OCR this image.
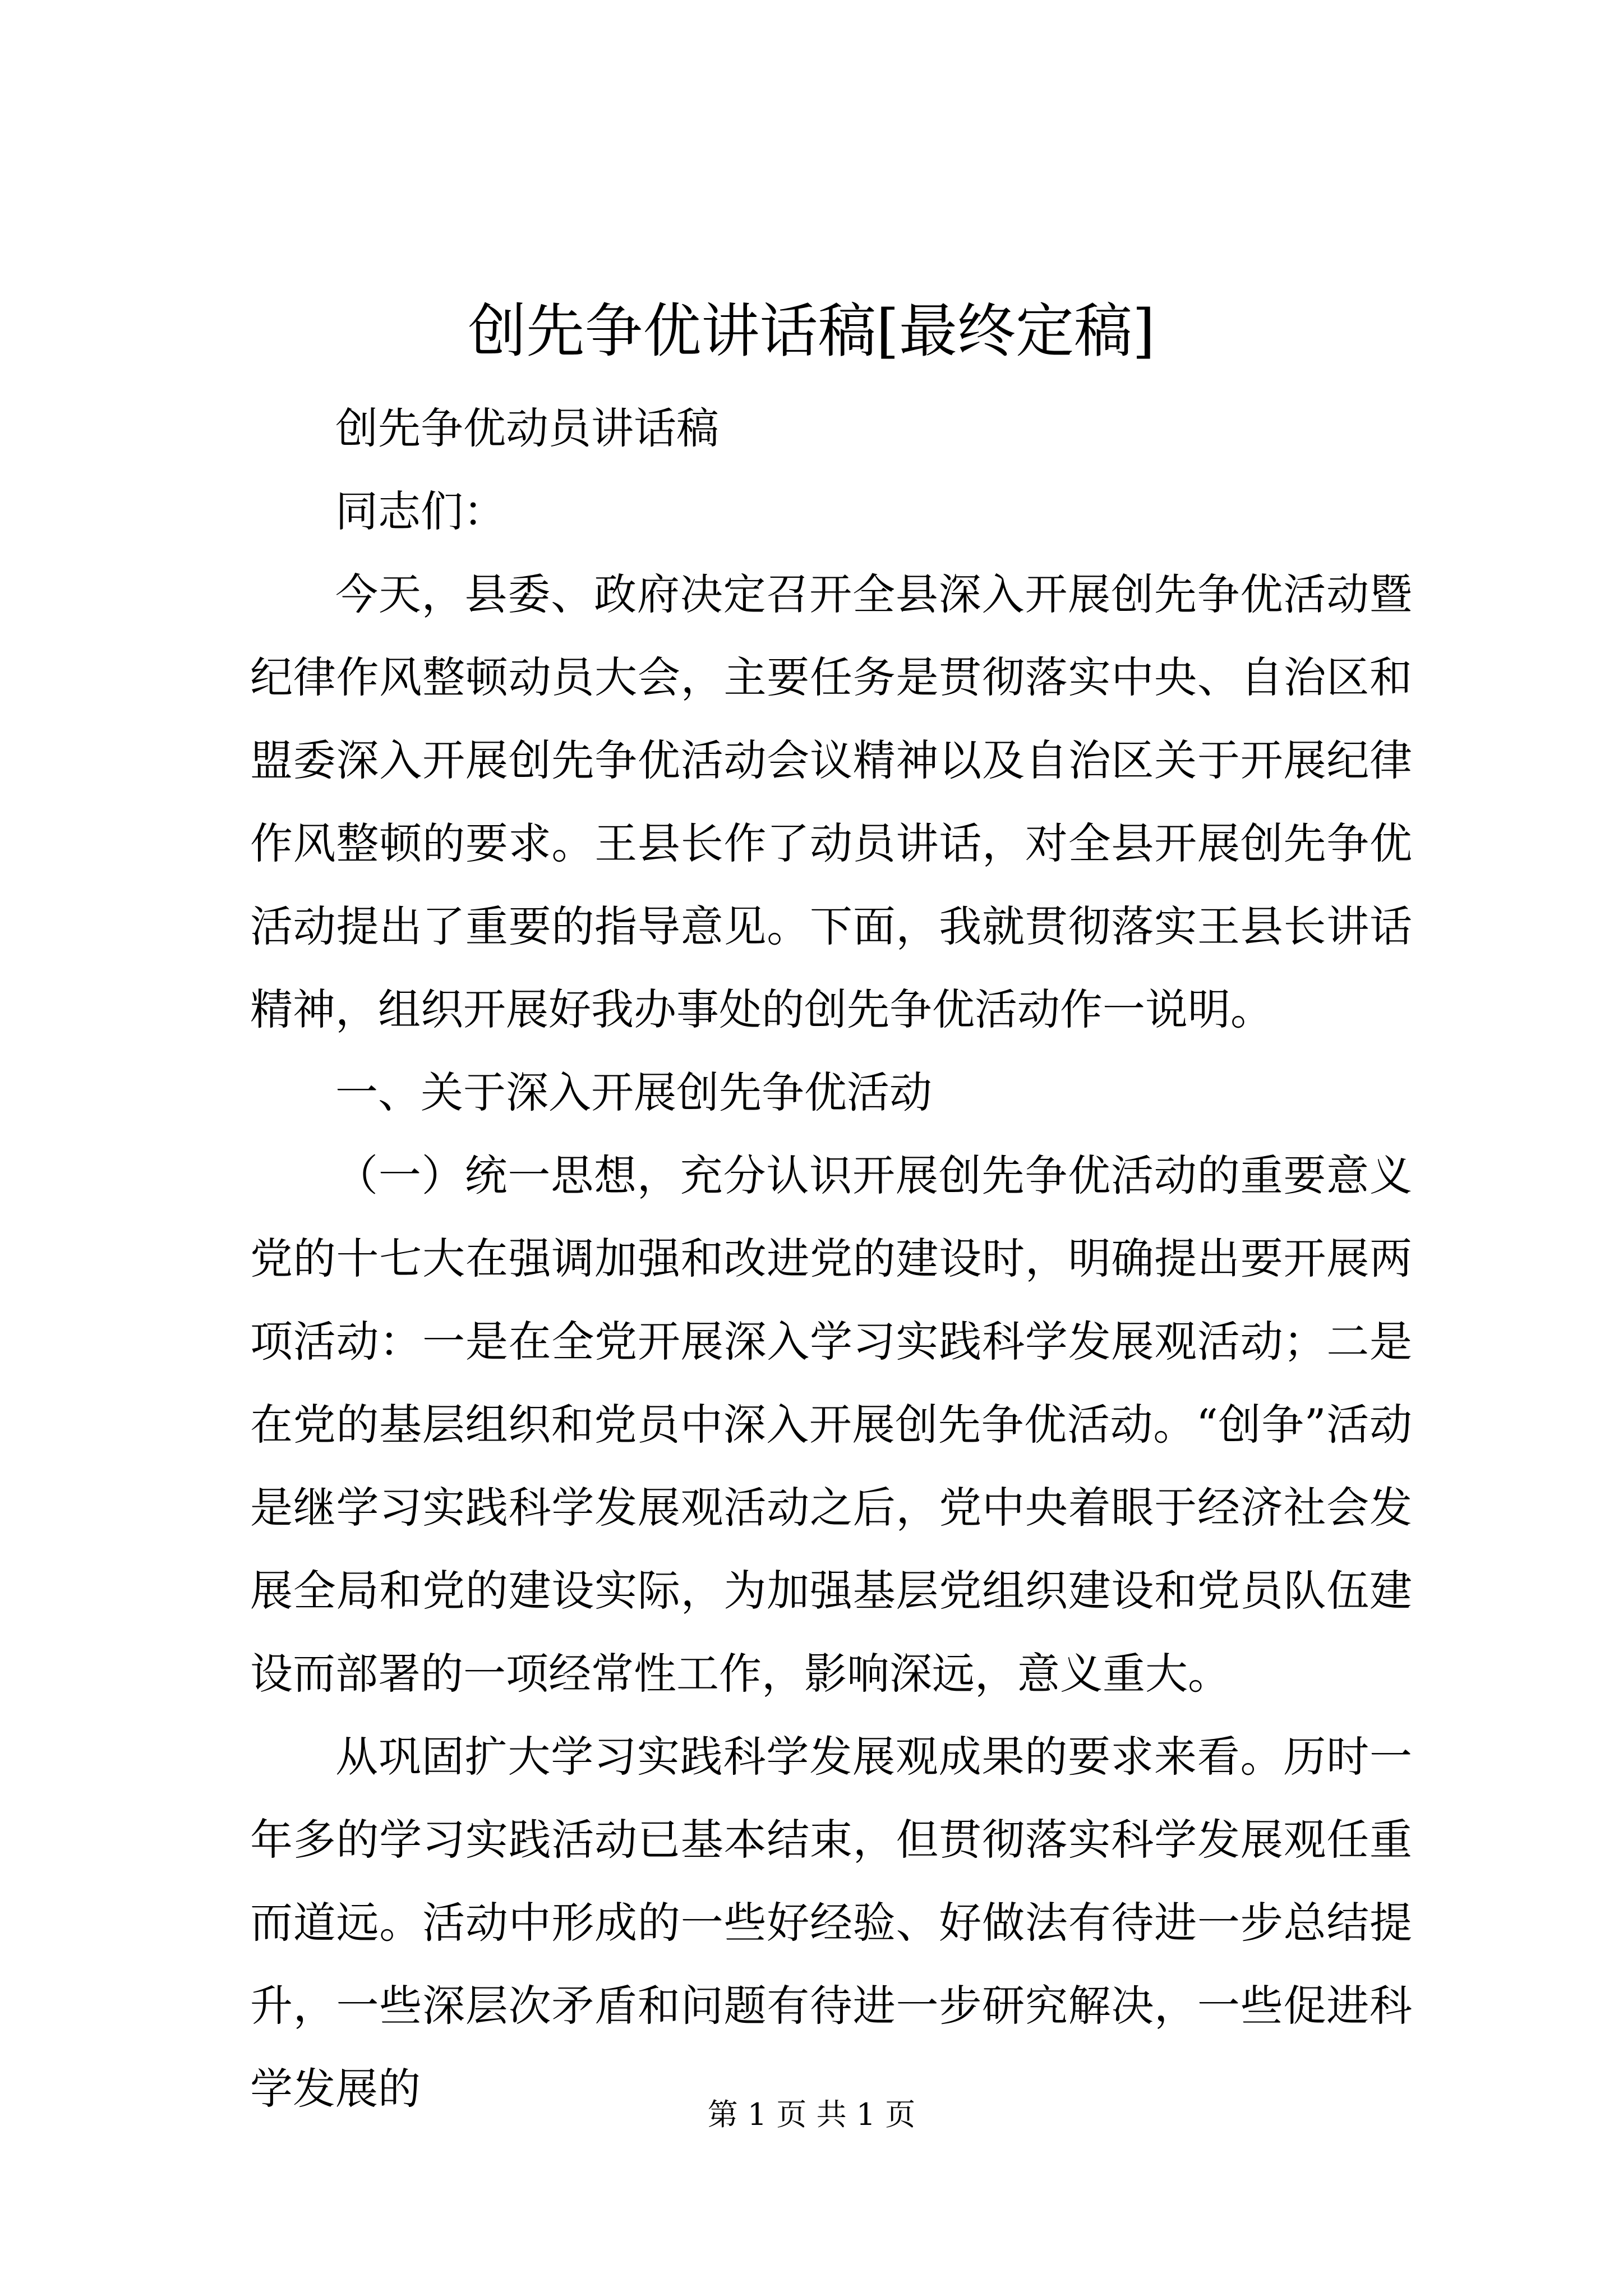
创先争优讲话稿[最终定稿]

创先争优动员讲话稿

同志们：

今天，县委、政府决定召开全县深入开展创先争优活动暨纪律作风整顿动员大会，主要任务是贯彻落实中央、自治区和盟委深入开展创先争优活动会议精神以及自治区关于开展纪律作风整顿的要求。王县长作了动员讲话，对全县开展创先争优活动提出了重要的指导意见。下面，我就贯彻落实王县长讲话精神，组织开展好我办事处的创先争优活动作一说明。

一、关于深入开展创先争优活动

（一）统一思想，充分认识开展创先争优活动的重要意义党的十七大在强调加强和改进党的建设时，明确提出要开展两项活动：一是在全党开展深入学习实践科学发展观活动；二是在党的基层组织和党员中深入开展创先争优活动。“创争”活动是继学习实践科学发展观活动之后，党中央着眼于经济社会发展全局和党的建设实际，为加强基层党组织建设和党员队伍建设而部署的一项经常性工作，影响深远，意义重大。

从巩固扩大学习实践科学发展观成果的要求来看。历时一年多的学习实践活动已基本结束，但贯彻落实科学发展观任重而道远。活动中形成的一些好经验、好做法有待进一步总结提升，一些深层次矛盾和问题有待进一步研究解决，一些促进科学发展的

第 1 页 共 1 页
